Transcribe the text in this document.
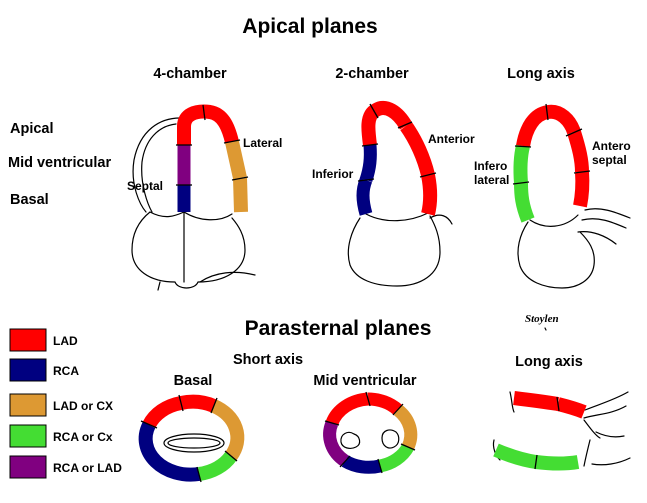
Apical planes
Parasternal planes
4-chamber	2-chamber	Long axis
Apical
Mid ventricular
Basal
Septal
Lateral
Inferior
Anterior
Infero
lateral
Antero
septal
Stoylen
LAD
RCA
LAD or CX
RCA or Cx
RCA or LAD
Short axis
Basal	Mid ventricular
Long axis
